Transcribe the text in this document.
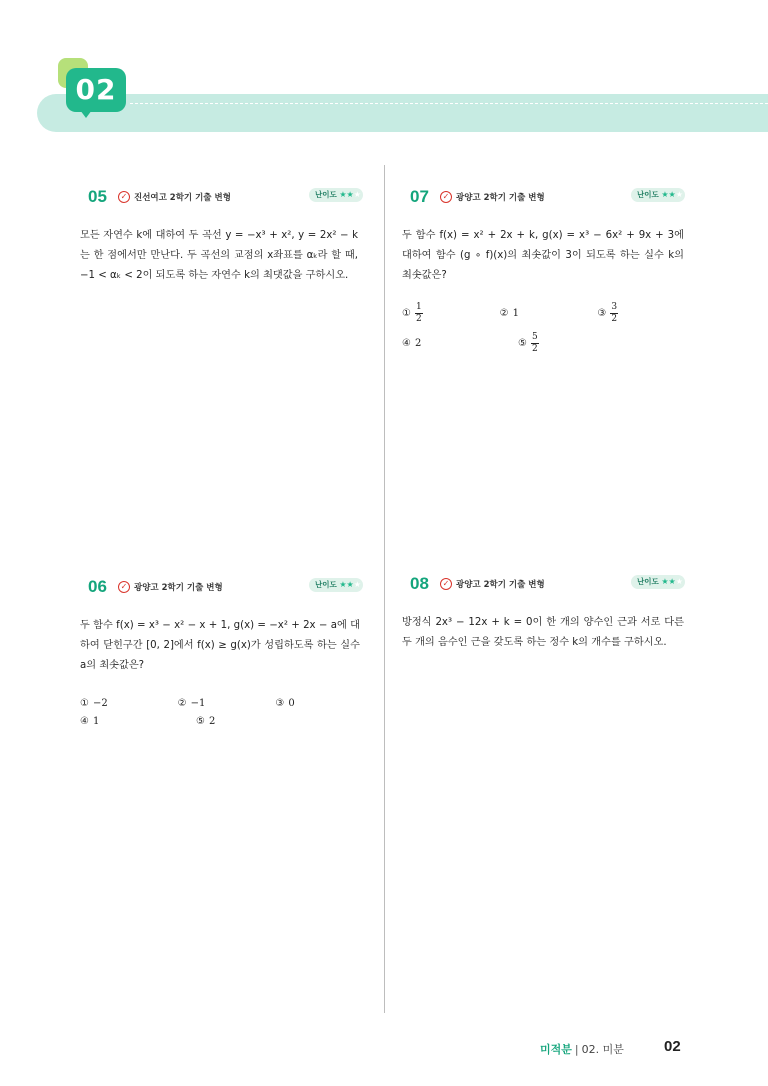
02
05	✓ 진선여고 2학기 기출 변형	난이도 ★★★
모든 자연수 k에 대하여 두 곡선 y = −x³ + x², y = 2x² − k는 한 점에서만 만난다. 두 곡선의 교점의 x좌표를 αₖ라 할 때, −1 < αₖ < 2이 되도록 하는 자연수 k의 최댓값을 구하시오.
07	✓ 광양고 2학기 기출 변형	난이도 ★★★
두 함수 f(x) = x² + 2x + k, g(x) = x³ − 6x² + 9x + 3에 대하여 함수 (g ∘ f)(x)의 최솟값이 3이 되도록 하는 실수 k의 최솟값은?
① $\frac{1}{2}$	② 1	③ $\frac{3}{2}$
④ 2	⑤ $\frac{5}{2}$
06	✓ 광양고 2학기 기출 변형	난이도 ★★★
두 함수 f(x) = x³ − x² − x + 1, g(x) = −x² + 2x − a에 대하여 닫힌구간 [0, 2]에서 f(x) ≥ g(x)가 성립하도록 하는 실수 a의 최솟값은?
① −2	② −1	③ 0
④ 1	⑤ 2
08	✓ 광양고 2학기 기출 변형	난이도 ★★★
방정식 2x³ − 12x + k = 0이 한 개의 양수인 근과 서로 다른 두 개의 음수인 근을 갖도록 하는 정수 k의 개수를 구하시오.
미적분 | 02. 미분	02
